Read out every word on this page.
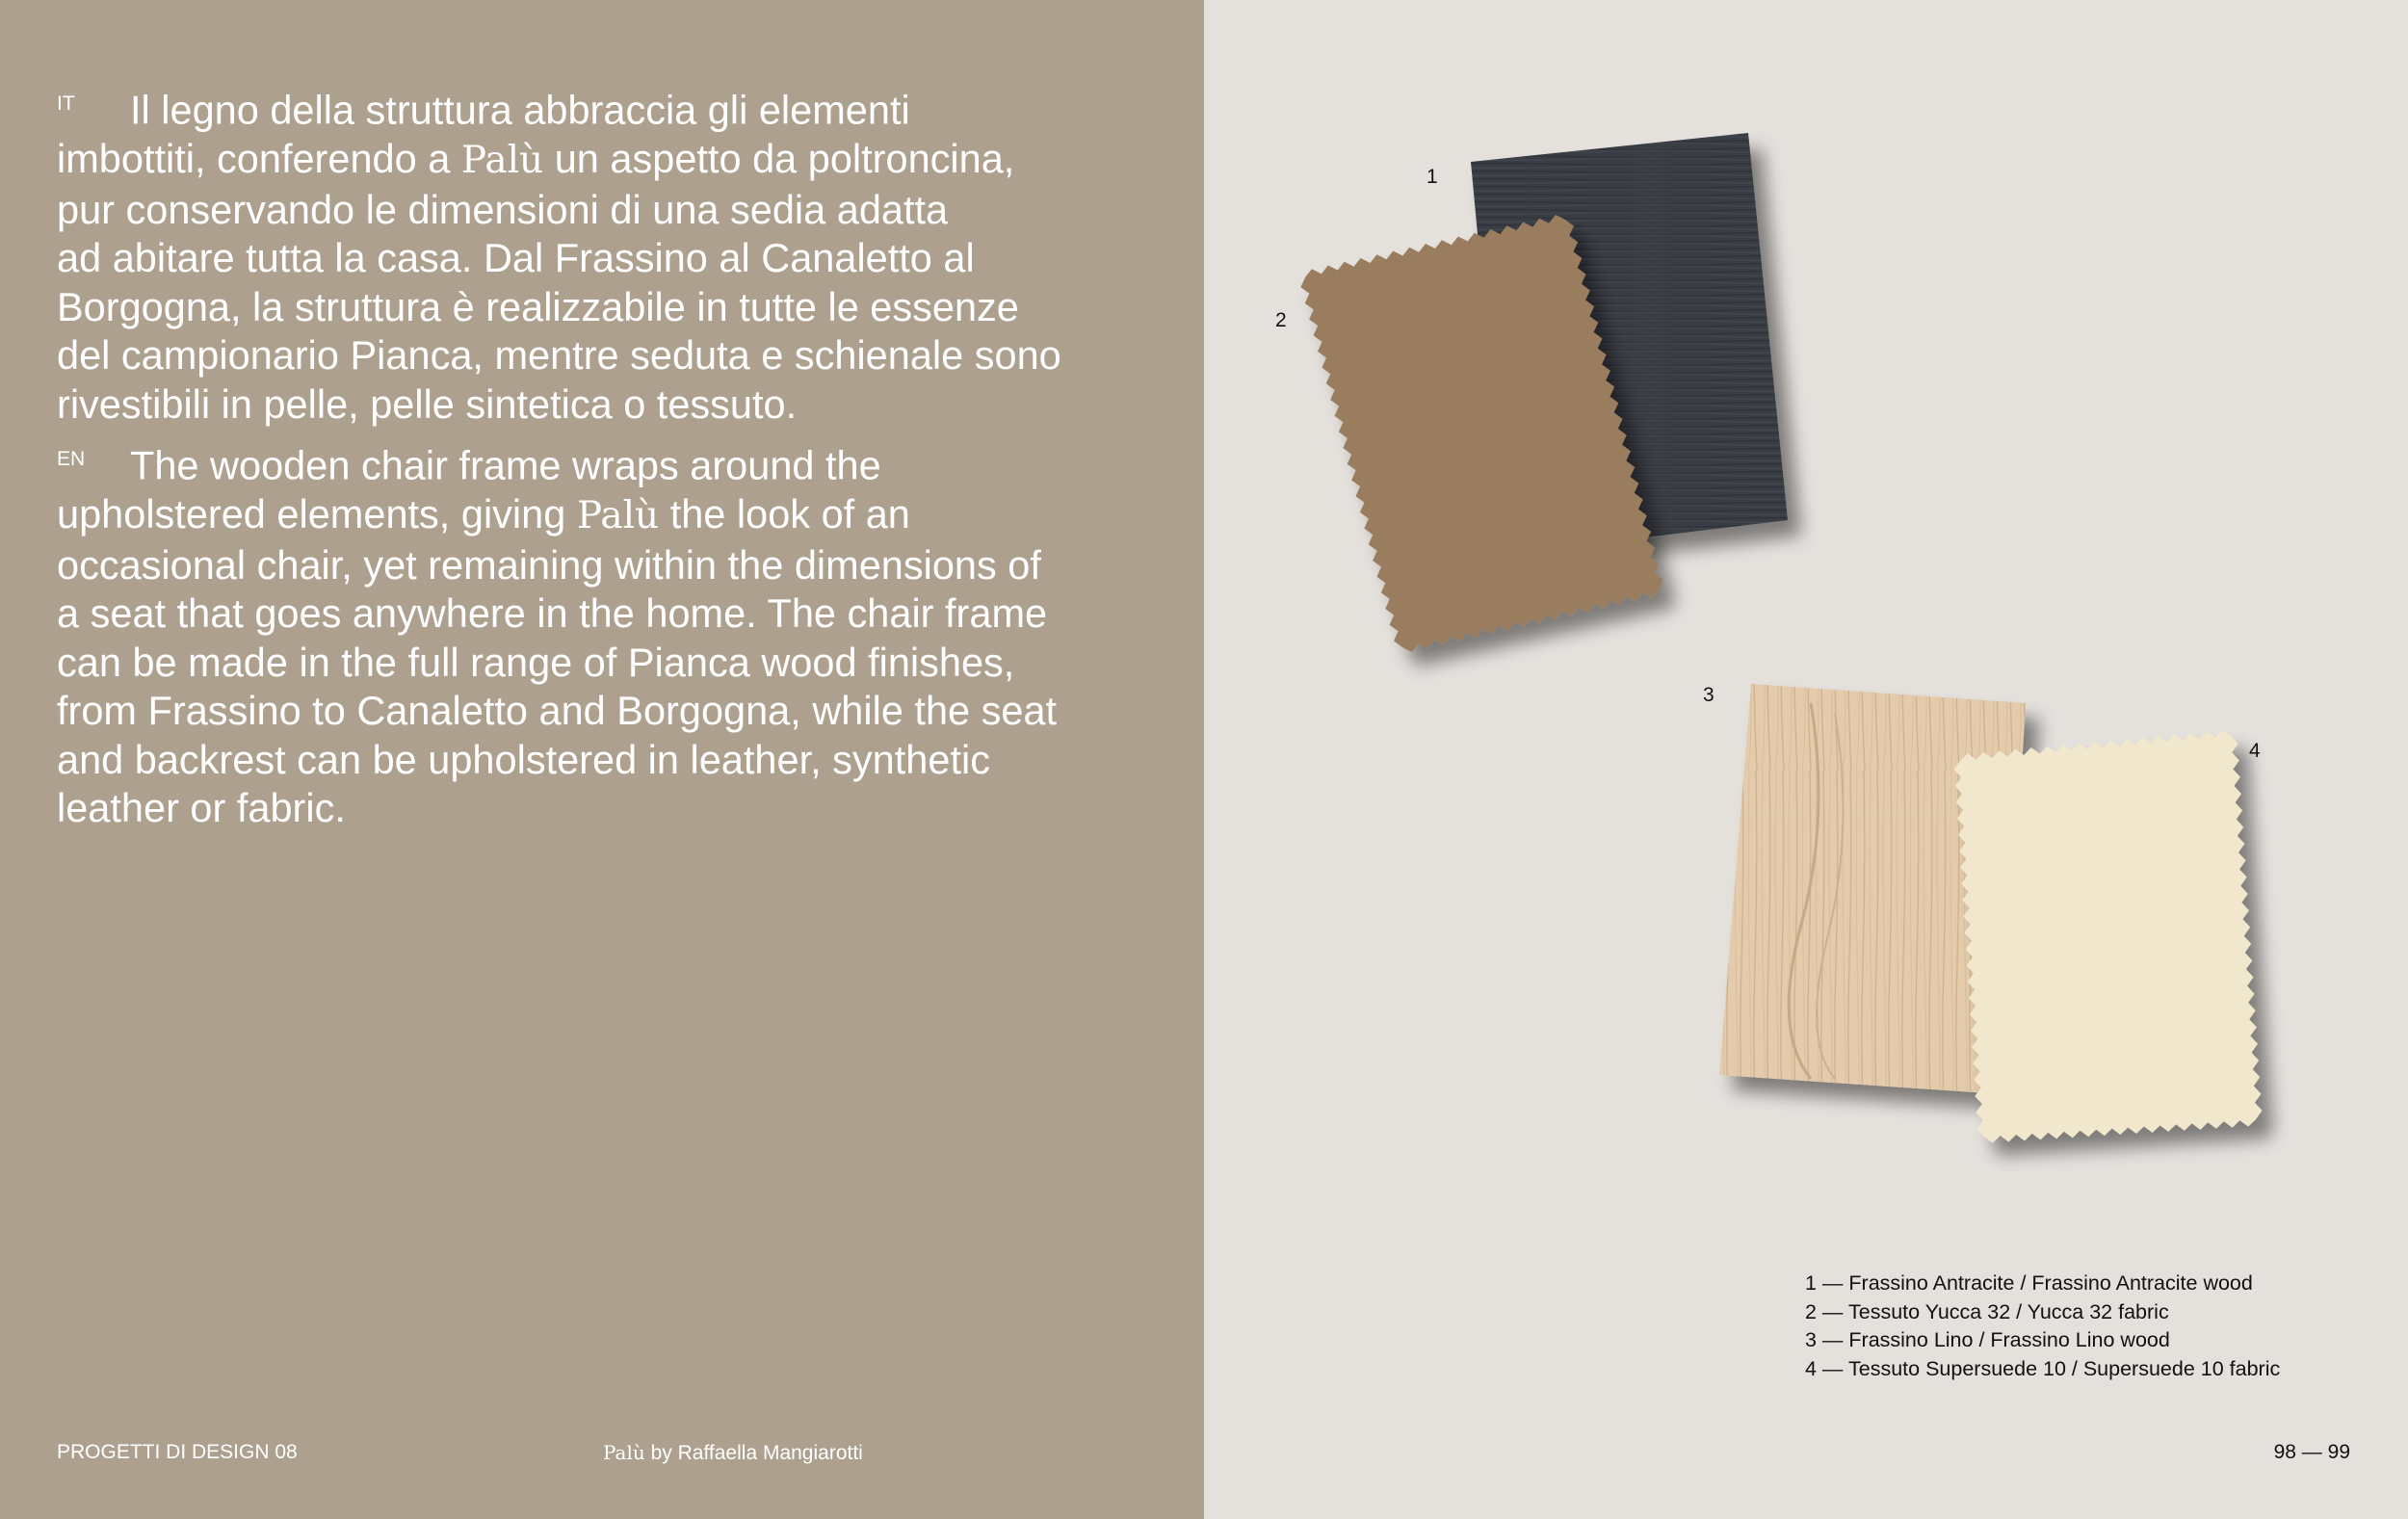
IT Il legno della struttura abbraccia gli elementi
imbottiti, conferendo a Palù un aspetto da poltroncina,
pur conservando le dimensioni di una sedia adatta
ad abitare tutta la casa. Dal Frassino al Canaletto al
Borgogna, la struttura è realizzabile in tutte le essenze
del campionario Pianca, mentre seduta e schienale sono
rivestibili in pelle, pelle sintetica o tessuto.
EN The wooden chair frame wraps around the
upholstered elements, giving Palù the look of an
occasional chair, yet remaining within the dimensions of
a seat that goes anywhere in the home. The chair frame
can be made in the full range of Pianca wood finishes,
from Frassino to Canaletto and Borgogna, while the seat
and backrest can be upholstered in leather, synthetic
leather or fabric.
PROGETTI DI DESIGN 08	Palù by Raffaella Mangiarotti	98 — 99
1
2
3
4
1 — Frassino Antracite / Frassino Antracite wood
2 — Tessuto Yucca 32 / Yucca 32 fabric
3 — Frassino Lino / Frassino Lino wood
4 — Tessuto Supersuede 10 / Supersuede 10 fabric
